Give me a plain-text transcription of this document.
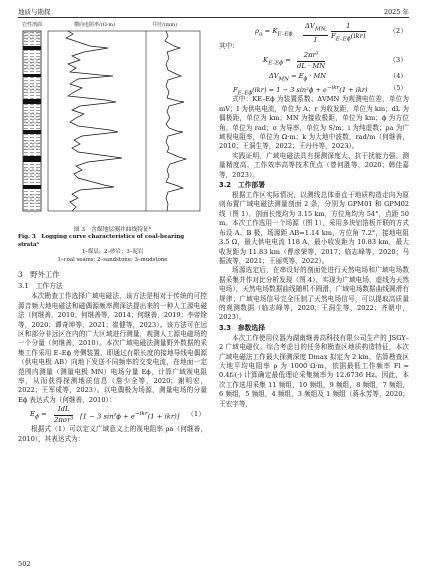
地质与勘探	2025 年
岩性剖面	横向电阻率/(Ω·m)	井径/(mm)
图 3　含煤地层测井曲线特征⁶
Fig. 3　Logging curve characteristics of coal-bearing strata⁶
1–煤层；2–砂岩；3–泥岩
1–coal seams; 2–sandstone; 3–mudstone
3　野外工作
3.1　工作方法

本次勘查工作选择广域电磁法，该方法是相对于传统的可控源音频大地电磁法和磁偶源频率测深法提出来的一种人工源电磁法（何继善，2010；何继善等，2014；何继善，2019；李帝铨等，2020；谭奇坤等，2021；崔健等，2023）。该方法可在远区和部分非远区在内的广大区域进行测量，观测人工源电磁场的一个分量（何继善，2010）。本次广域电磁法测量野外数据的采集工作采用 E–Eϕ 旁侧装置，即通过有限长度的接地导线电偶源（供电电极 AB）向地下发送不同频率的交变电流，在地面一定范围内测量（测量电极 MN）电场分量 Eϕ，计算广域视电阻率，从而获得探测地质信息（詹少全等，2020；谢明宏，2022；王军成等，2023）。以电偶极为场源，测量电场的分量 Eϕ 表达式为（何继善，2010）：

$E_\phi$ =
IdL
2πσr³ [1 − 3 $\sin^2\phi + e^{-ikr}(1 + ikr)$] （1）

根据式（1）可以定义广域意义上的视电阻率 ρa（何继善，2010），其表达式为：

$\rho_a = K_{E-E\phi}$
$\Delta V_{MN}$
I
·
1
$F_{E-E\phi}(ikr)$
（2）

其中：

$K_{E-E\phi} = \frac{\text{2πr³}}{dL \cdot MN}$	（3）
$\Delta V_{MN} = E_\phi$ · MN	（4）
$F_{E-E\phi}(ikr) = 1 - 3$ $\sin^2\phi + e^{-ikr}(1 + ikr)$	（5）

式中：KE–Eϕ 为装置系数；ΔVMN 为观测电位差，单位为 mV；I 为供电电流，单位为 A；r 为收发距，单位为 km；dL 为偶极距，单位为 km；MN 为接收极距，单位为 km；ϕ 为方位角，单位为 rad；σ 为导率，单位为 S/m；i 为纯虚数；ρa 为广域视电阻率，单位为 Ω·m；k 为大地中波数，rad/m（何继善，2010；王洞生等，2022；王丹丹等，2023）。

实践证明，广域电磁法具有探测深度大、抗干扰能力强、测量精度高、工作效率高等技术优点（曾何胜等，2020；韩佳嘉等，2023）。

3.2　工作部署

根据工作区实际情况，以测线总体垂直于地质构造走向为原则布置广域电磁法测量剖面 2 条，分别为 GPM01 和 GPM02 线（图 1），剖面长度均为 3.15 km，方位角均为 54°，点距 50 m。本次工作选用一个场源（图 1），采用多块铝箔板并联的方式布设 A、B 极，场源距 AB=1.14 km，方位角 7.2°，接地电阻 3.5 Ω，最大供电电流 118 A，最小收发距为 10.83 km，最大收发距为 11.83 km（曹彦荣等，2017；临志峰等，2020；马振波等，2021；王丽英等，2022）。

场源选定后，在串设好的剖面处进行天然电场和广域电场数据采集并作对比分析发现（图 4），实现为广域电场，虚线为天然电场），天然电场数据曲线随机不圆滑，广域电场数据曲线圆滑有规律；广域电场信号完全压制了天然电场信号，可以提取高质量的观测数据（临志峰等，2020；王洞生等，2022；齐朝申，2023）。

3.3　参数选择

本次工作使用仪器为湖南继善高科技有限公司生产的 JSGY–2 广域电磁仪。综合考虑目的任务和勘查区地质构造特征，本次广域电磁法工作最大探测深度 Dmax 拟定为 2 km，估算勘查区大地平均电阻率 ρ 为 1000 Ω·m，依据最低工作频率 Fl = 0.4f₀(·) 计算确定最低理论采集频率为 12.6736 Hz。因此，本次工作选用采集 11 频组，10 频组，9 频组，8 频组，7 频组，6 频组，5 频组，4 频组，3 频组及 1 频组（蒋永芳等，2020；王宏宇等，

502
